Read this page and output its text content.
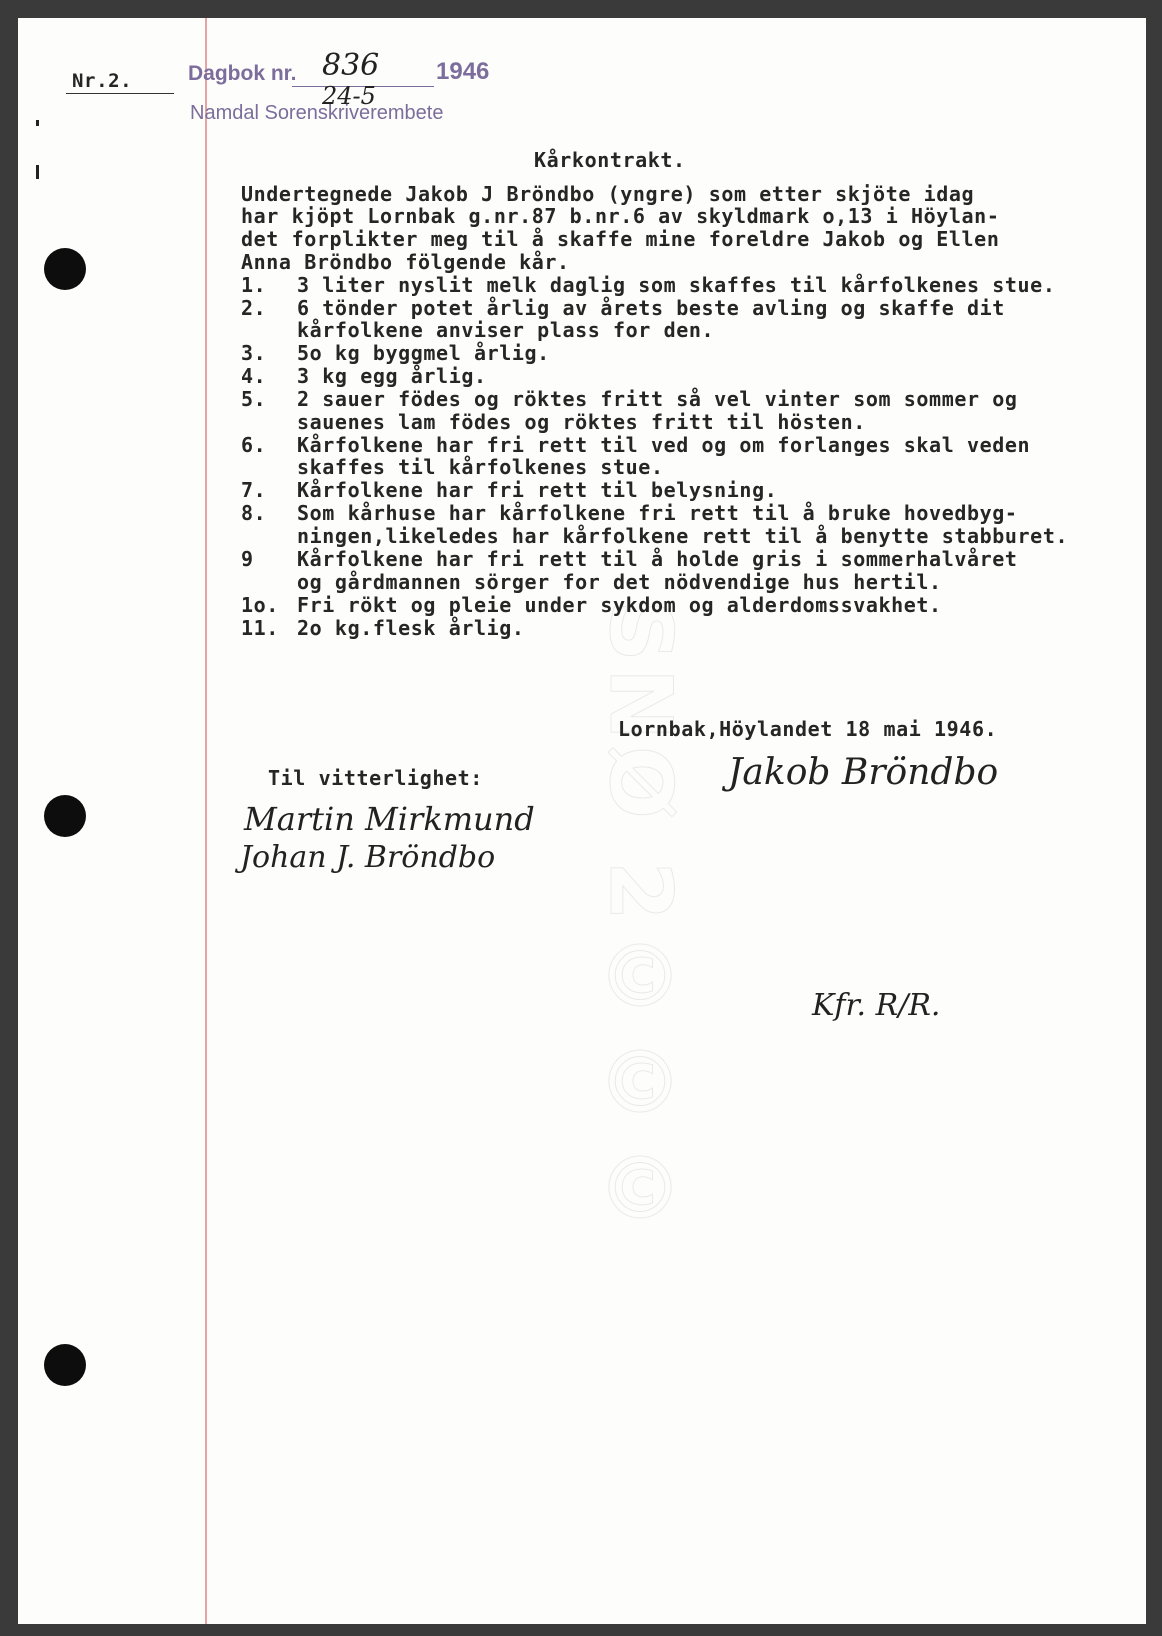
SNØ 2©©©
Nr.2.	Dagbok nr. 836 1946
24-5
Namdal Sorenskriverembete
Kårkontrakt.
Undertegnede Jakob J Bröndbo (yngre) som etter skjöte idag
har kjöpt Lornbak g.nr.87 b.nr.6 av skyldmark o,13 i Höylan-
det forplikter meg til å skaffe mine foreldre Jakob og Ellen
Anna Bröndbo fölgende kår.
1. 3 liter nyslit melk daglig som skaffes til kårfolkenes stue.
2. 6 tönder potet årlig av årets beste avling og skaffe dit
kårfolkene anviser plass for den.
3. 5o kg byggmel årlig.
4. 3 kg egg årlig.
5. 2 sauer födes og röktes fritt så vel vinter som sommer og
sauenes lam födes og röktes fritt til hösten.
6. Kårfolkene har fri rett til ved og om forlanges skal veden
skaffes til kårfolkenes stue.
7. Kårfolkene har fri rett til belysning.
8. Som kårhuse har kårfolkene fri rett til å bruke hovedbyg-
ningen,likeledes har kårfolkene rett til å benytte stabburet.
9 Kårfolkene har fri rett til å holde gris i sommerhalvåret
og gårdmannen sörger for det nödvendige hus hertil.
1o. Fri rökt og pleie under sykdom og alderdomssvakhet.
11. 2o kg.flesk årlig.
Lornbak,Höylandet 18 mai 1946.
Til vitterlighet:	Jakob Bröndbo
Martin Mirkmund
Johan J. Bröndbo
Kfr. R/R.
